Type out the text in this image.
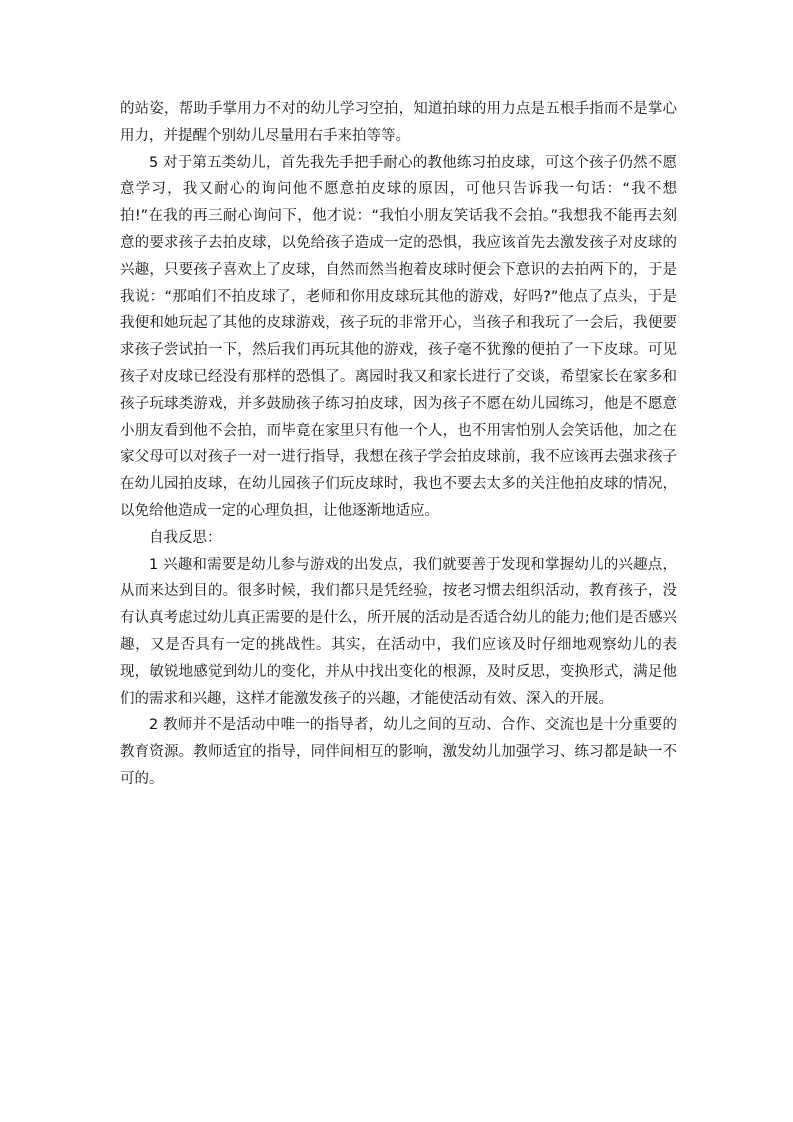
的站姿，帮助手掌用力不对的幼儿学习空拍，知道拍球的用力点是五根手指而不是掌心用力，并提醒个别幼儿尽量用右手来拍等等。

5 对于第五类幼儿，首先我先手把手耐心的教他练习拍皮球，可这个孩子仍然不愿意学习，我又耐心的询问他不愿意拍皮球的原因，可他只告诉我一句话：“我不想拍!”在我的再三耐心询问下，他才说：“我怕小朋友笑话我不会拍。”我想我不能再去刻意的要求孩子去拍皮球，以免给孩子造成一定的恐惧，我应该首先去激发孩子对皮球的兴趣，只要孩子喜欢上了皮球，自然而然当抱着皮球时便会下意识的去拍两下的，于是我说：“那咱们不拍皮球了，老师和你用皮球玩其他的游戏，好吗?”他点了点头，于是我便和她玩起了其他的皮球游戏，孩子玩的非常开心，当孩子和我玩了一会后，我便要求孩子尝试拍一下，然后我们再玩其他的游戏，孩子毫不犹豫的便拍了一下皮球。可见孩子对皮球已经没有那样的恐惧了。离园时我又和家长进行了交谈，希望家长在家多和孩子玩球类游戏，并多鼓励孩子练习拍皮球，因为孩子不愿在幼儿园练习，他是不愿意小朋友看到他不会拍，而毕竟在家里只有他一个人，也不用害怕别人会笑话他，加之在家父母可以对孩子一对一进行指导，我想在孩子学会拍皮球前，我不应该再去强求孩子在幼儿园拍皮球，在幼儿园孩子们玩皮球时，我也不要去太多的关注他拍皮球的情况，以免给他造成一定的心理负担，让他逐渐地适应。

自我反思：

1 兴趣和需要是幼儿参与游戏的出发点，我们就要善于发现和掌握幼儿的兴趣点，从而来达到目的。很多时候，我们都只是凭经验，按老习惯去组织活动，教育孩子，没有认真考虑过幼儿真正需要的是什么，所开展的活动是否适合幼儿的能力;他们是否感兴趣，又是否具有一定的挑战性。其实，在活动中，我们应该及时仔细地观察幼儿的表现，敏锐地感觉到幼儿的变化，并从中找出变化的根源，及时反思，变换形式，满足他们的需求和兴趣，这样才能激发孩子的兴趣，才能使活动有效、深入的开展。

2 教师并不是活动中唯一的指导者，幼儿之间的互动、合作、交流也是十分重要的教育资源。教师适宜的指导，同伴间相互的影响，激发幼儿加强学习、练习都是缺一不可的。
